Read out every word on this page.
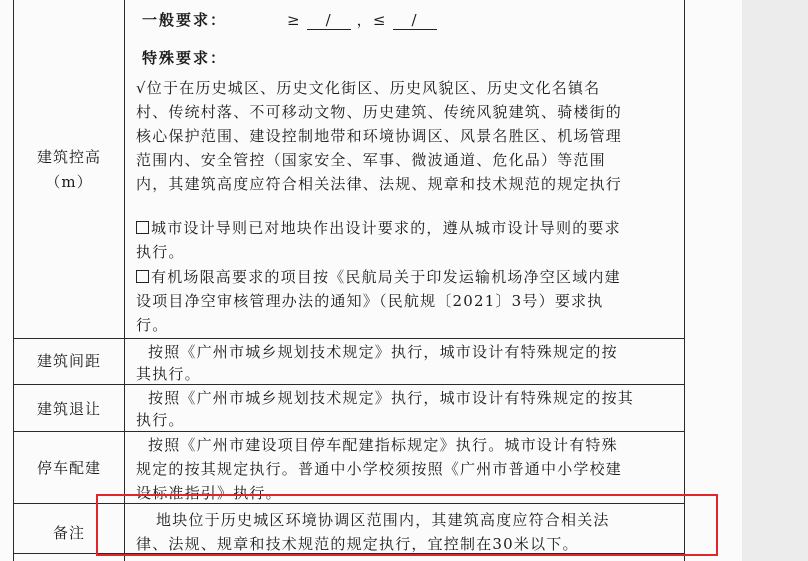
建筑控高
（m）
一般要求：	≥ / ，≤ /
特殊要求：
√位于在历史城区、历史文化街区、历史风貌区、历史文化名镇名
村、传统村落、不可移动文物、历史建筑、传统风貌建筑、骑楼街的
核心保护范围、建设控制地带和环境协调区、风景名胜区、机场管理
范围内、安全管控（国家安全、军事、微波通道、危化品）等范围
内，其建筑高度应符合相关法律、法规、规章和技术规范的规定执行
城市设计导则已对地块作出设计要求的，遵从城市设计导则的要求
执行。
有机场限高要求的项目按《民航局关于印发运输机场净空区域内建
设项目净空审核管理办法的通知》（民航规〔2021〕3号）要求执
行。
建筑间距	按照《广州市城乡规划技术规定》执行，城市设计有特殊规定的按
其执行。
建筑退让
按照《广州市城乡规划技术规定》执行，城市设计有特殊规定的按其
执行。
停车配建
按照《广州市建设项目停车配建指标规定》执行。城市设计有特殊
规定的按其规定执行。普通中小学校须按照《广州市普通中小学校建
设标准指引》执行。
备注
地块位于历史城区环境协调区范围内，其建筑高度应符合相关法
律、法规、规章和技术规范的规定执行，宜控制在30米以下。
